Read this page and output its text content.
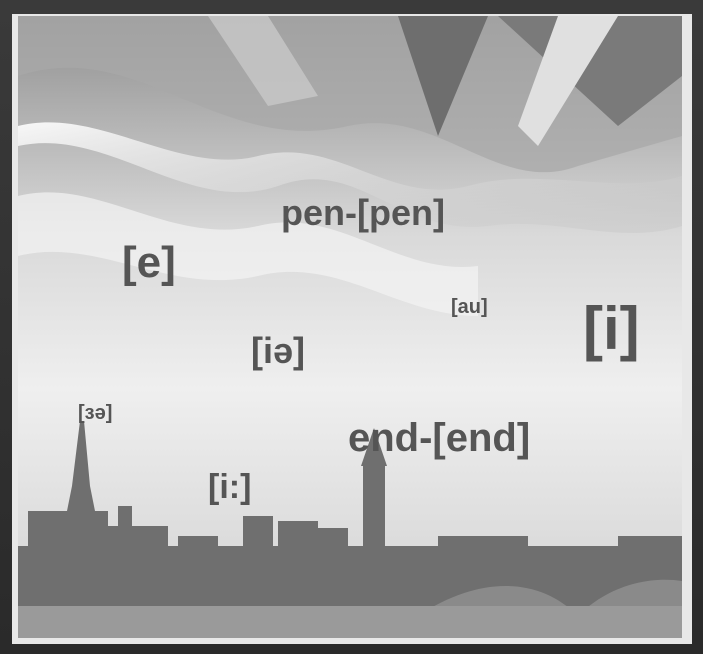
pen-[pen]
[e]
[au] [i]
[iə]
[зə]
end-[end]
[i:]
